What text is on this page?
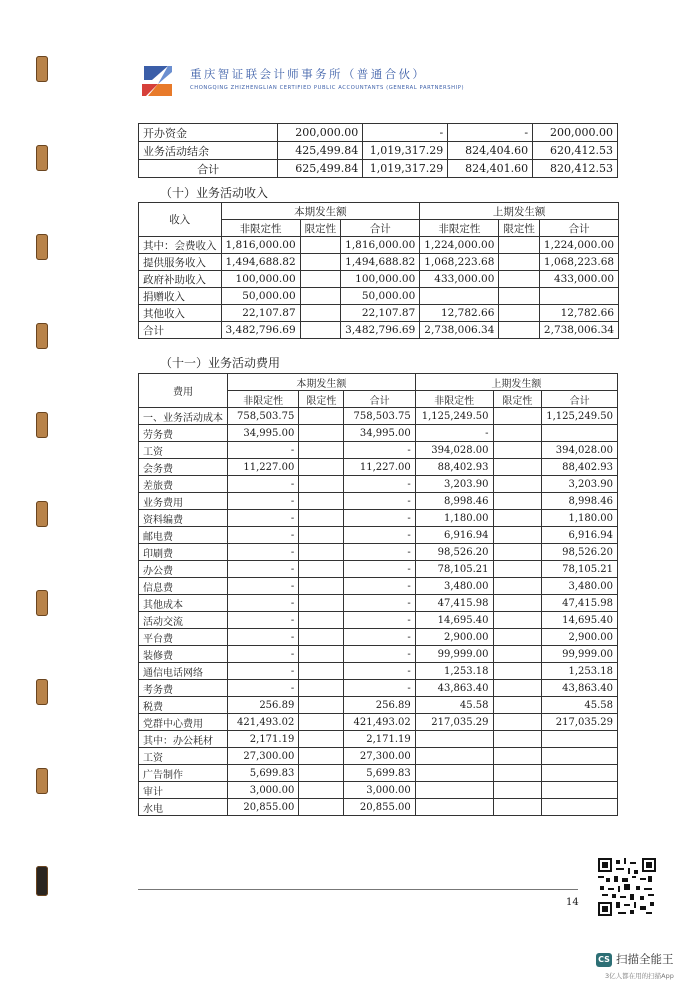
重庆智证联会计师事务所（普通合伙）
CHONGQING ZHIZHENGLIAN CERTIFIED PUBLIC ACCOUNTANTS (GENERAL PARTNERSHIP)
开办资金	200,000.00	-	-	200,000.00
业务活动结余	425,499.84	1,019,317.29	824,404.60	620,412.53
合计	625,499.84	1,019,317.29	824,401.60	820,412.53
（十）业务活动收入
收入	本期发生额			上期发生额		
	非限定性	限定性	合计	非限定性	限定性	合计
其中：会费收入	1,816,000.00		1,816,000.00	1,224,000.00		1,224,000.00
提供服务收入	1,494,688.82		1,494,688.82	1,068,223.68		1,068,223.68
政府补助收入	100,000.00		100,000.00	433,000.00		433,000.00
捐赠收入	50,000.00		50,000.00			
其他收入	22,107.87		22,107.87	12,782.66		12,782.66
合计	3,482,796.69		3,482,796.69	2,738,006.34		2,738,006.34
（十一）业务活动费用
费用	本期发生额			上期发生额		
	非限定性	限定性	合计	非限定性	限定性	合计
一、业务活动成本	758,503.75		758,503.75	1,125,249.50		1,125,249.50
劳务费	34,995.00		34,995.00	-		
工资	-		-	394,028.00		394,028.00
会务费	11,227.00		11,227.00	88,402.93		88,402.93
差旅费	-		-	3,203.90		3,203.90
业务费用	-		-	8,998.46		8,998.46
资料编费	-		-	1,180.00		1,180.00
邮电费	-		-	6,916.94		6,916.94
印刷费	-		-	98,526.20		98,526.20
办公费	-		-	78,105.21		78,105.21
信息费	-		-	3,480.00		3,480.00
其他成本	-		-	47,415.98		47,415.98
活动交流	-		-	14,695.40		14,695.40
平台费	-		-	2,900.00		2,900.00
装修费	-		-	99,999.00		99,999.00
通信电话网络	-		-	1,253.18		1,253.18
考务费	-		-	43,863.40		43,863.40
税费	256.89		256.89	45.58		45.58
党群中心费用	421,493.02		421,493.02	217,035.29		217,035.29
其中：办公耗材	2,171.19		2,171.19			
工资	27,300.00		27,300.00			
广告制作	5,699.83		5,699.83			
审计	3,000.00		3,000.00			
水电	20,855.00		20,855.00			
14
CS 扫描全能王
3亿人都在用的扫描App
